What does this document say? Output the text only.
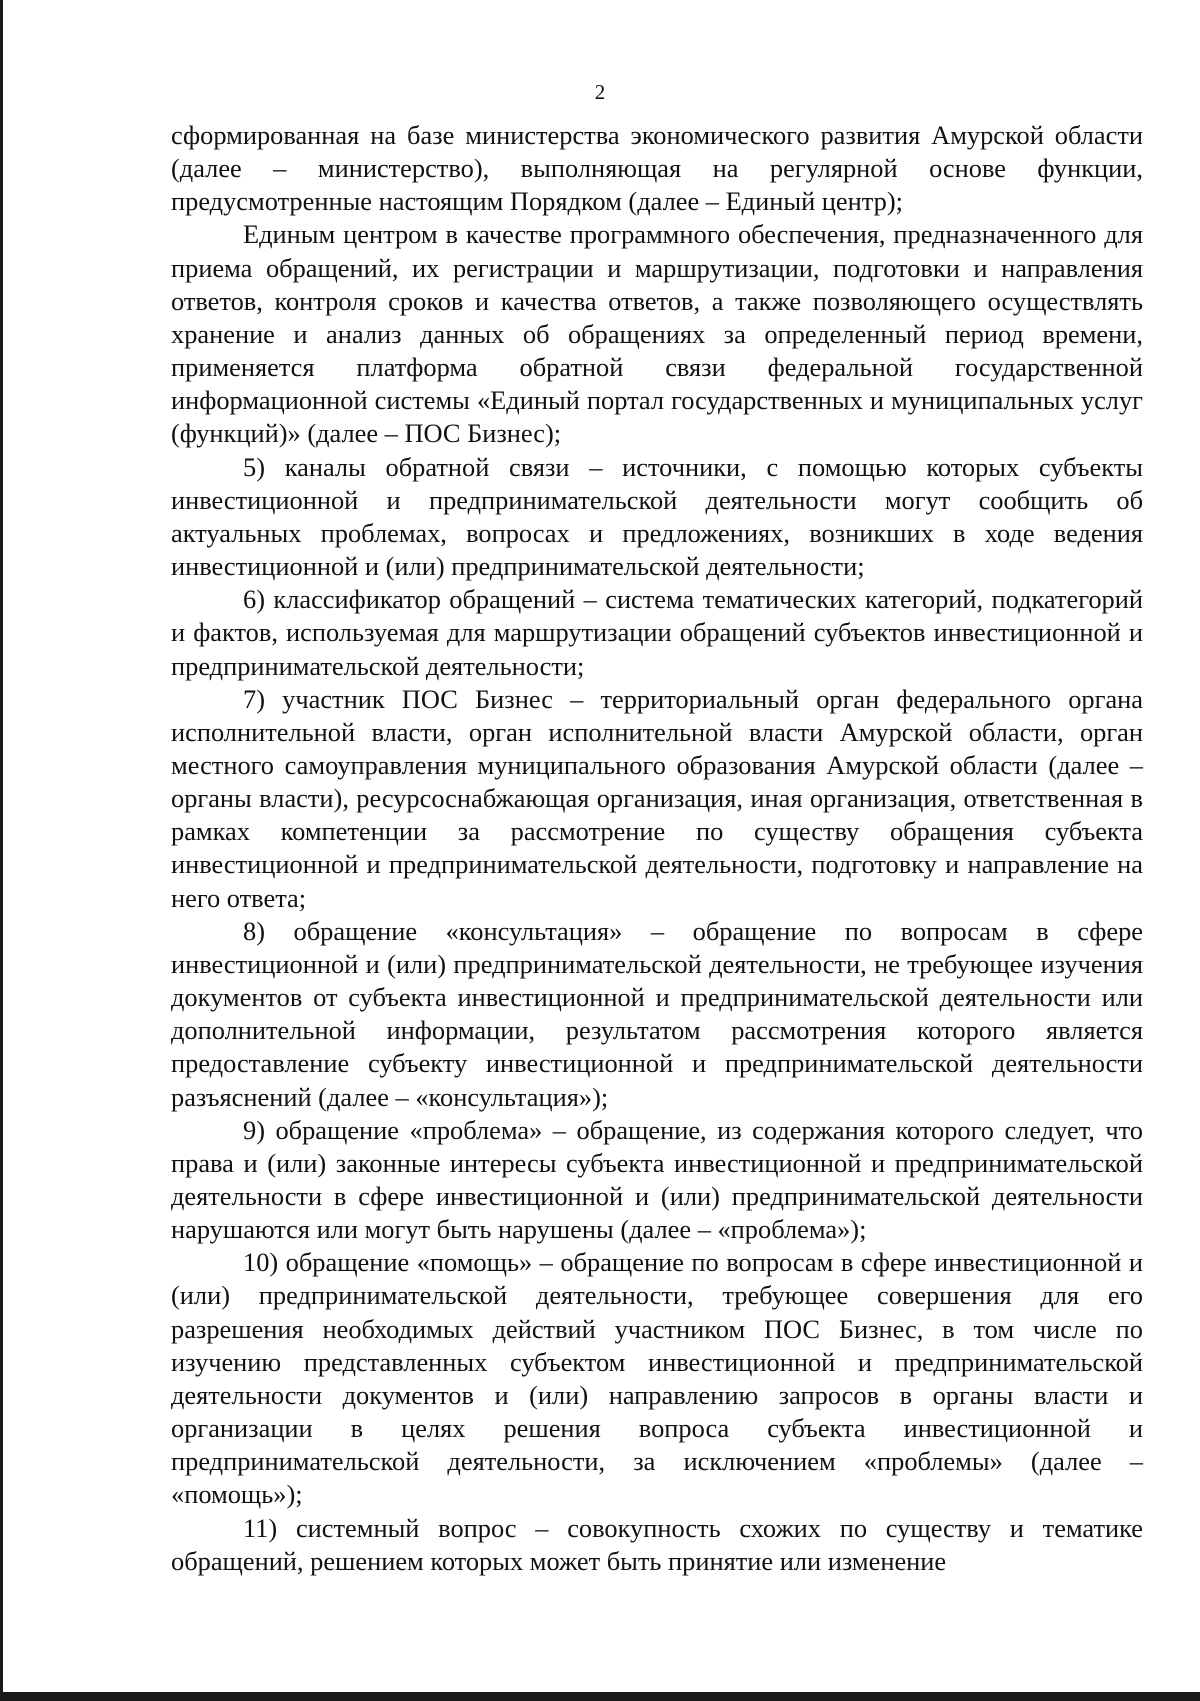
2

сформированная на базе министерства экономического развития Амурской области (далее – министерство), выполняющая на регулярной основе функции, предусмотренные настоящим Порядком (далее – Единый центр);

Единым центром в качестве программного обеспечения, предназначенного для приема обращений, их регистрации и маршрутизации, подготовки и направления ответов, контроля сроков и качества ответов, а также позволяющего осуществлять хранение и анализ данных об обращениях за определенный период времени, применяется платформа обратной связи федеральной государственной информационной системы «Единый портал государственных и муниципальных услуг (функций)» (далее – ПОС Бизнес);

5) каналы обратной связи – источники, с помощью которых субъекты инвестиционной и предпринимательской деятельности могут сообщить об актуальных проблемах, вопросах и предложениях, возникших в ходе ведения инвестиционной и (или) предпринимательской деятельности;

6) классификатор обращений – система тематических категорий, подкатегорий и фактов, используемая для маршрутизации обращений субъектов инвестиционной и предпринимательской деятельности;

7) участник ПОС Бизнес – территориальный орган федерального органа исполнительной власти, орган исполнительной власти Амурской области, орган местного самоуправления муниципального образования Амурской области (далее – органы власти), ресурсоснабжающая организация, иная организация, ответственная в рамках компетенции за рассмотрение по существу обращения субъекта инвестиционной и предпринимательской деятельности, подготовку и направление на него ответа;

8) обращение «консультация» – обращение по вопросам в сфере инвестиционной и (или) предпринимательской деятельности, не требующее изучения документов от субъекта инвестиционной и предпринимательской деятельности или дополнительной информации, результатом рассмотрения которого является предоставление субъекту инвестиционной и предпринимательской деятельности разъяснений (далее – «консультация»);

9) обращение «проблема» – обращение, из содержания которого следует, что права и (или) законные интересы субъекта инвестиционной и предпринимательской деятельности в сфере инвестиционной и (или) предпринимательской деятельности нарушаются или могут быть нарушены (далее – «проблема»);

10) обращение «помощь» – обращение по вопросам в сфере инвестиционной и (или) предпринимательской деятельности, требующее совершения для его разрешения необходимых действий участником ПОС Бизнес, в том числе по изучению представленных субъектом инвестиционной и предпринимательской деятельности документов и (или) направлению запросов в органы власти и организации в целях решения вопроса субъекта инвестиционной и предпринимательской деятельности, за исключением «проблемы» (далее – «помощь»);

11) системный вопрос – совокупность схожих по существу и тематике обращений, решением которых может быть принятие или изменение
